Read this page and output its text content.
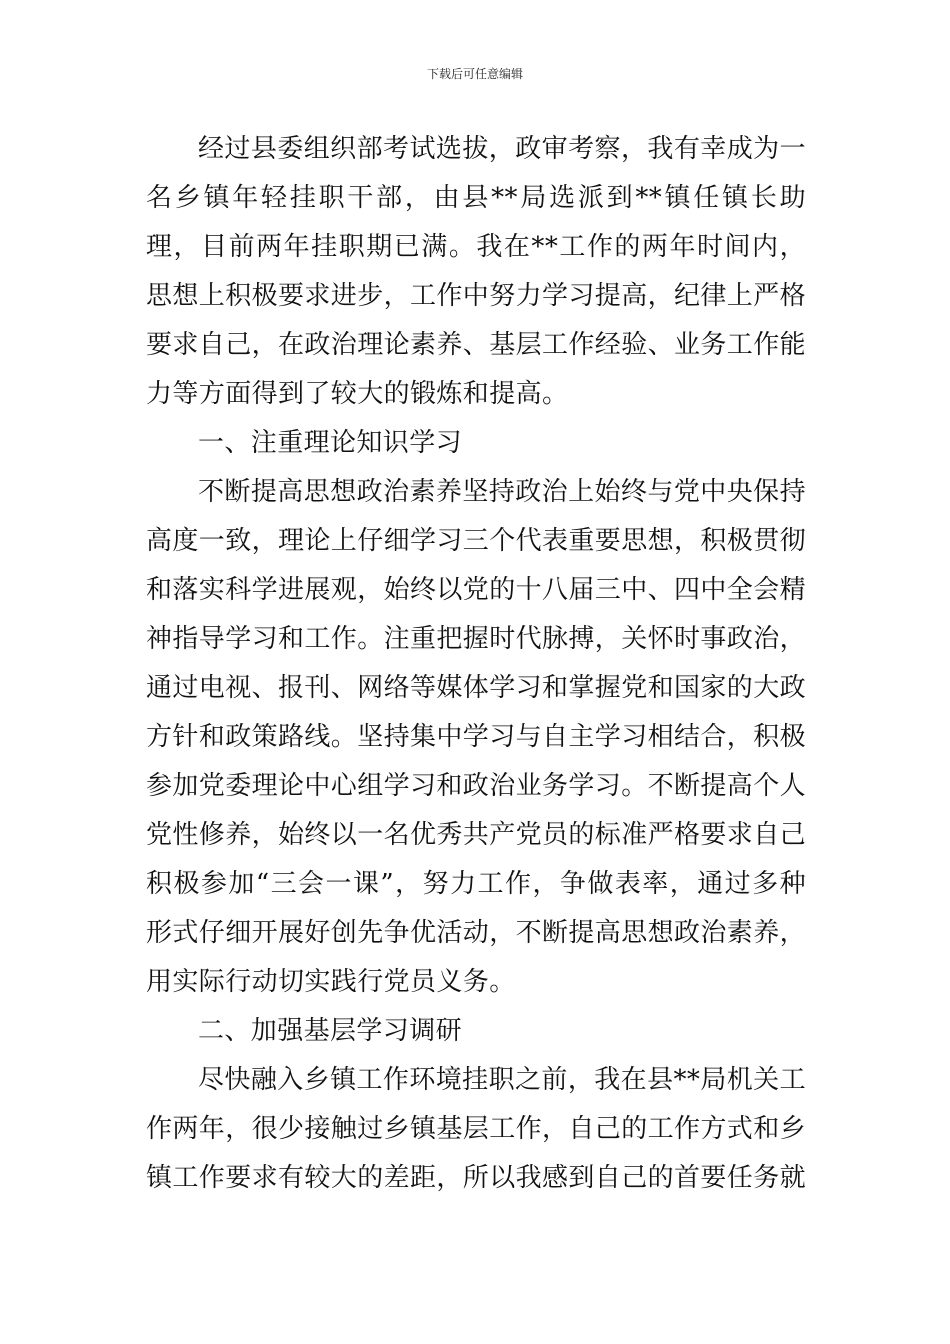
下载后可任意编辑

经过县委组织部考试选拔，政审考察，我有幸成为一名乡镇年轻挂职干部，由县**局选派到**镇任镇长助理，目前两年挂职期已满。我在**工作的两年时间内，思想上积极要求进步，工作中努力学习提高，纪律上严格要求自己，在政治理论素养、基层工作经验、业务工作能力等方面得到了较大的锻炼和提高。

一、注重理论知识学习

不断提高思想政治素养坚持政治上始终与党中央保持高度一致，理论上仔细学习三个代表重要思想，积极贯彻和落实科学进展观，始终以党的十八届三中、四中全会精神指导学习和工作。注重把握时代脉搏，关怀时事政治，通过电视、报刊、网络等媒体学习和掌握党和国家的大政方针和政策路线。坚持集中学习与自主学习相结合，积极参加党委理论中心组学习和政治业务学习。不断提高个人党性修养，始终以一名优秀共产党员的标准严格要求自己积极参加“三会一课”，努力工作，争做表率，通过多种形式仔细开展好创先争优活动，不断提高思想政治素养，用实际行动切实践行党员义务。

二、加强基层学习调研

尽快融入乡镇工作环境挂职之前，我在县**局机关工作两年，很少接触过乡镇基层工作，自己的工作方式和乡镇工作要求有较大的差距，所以我感到自己的首要任务就
